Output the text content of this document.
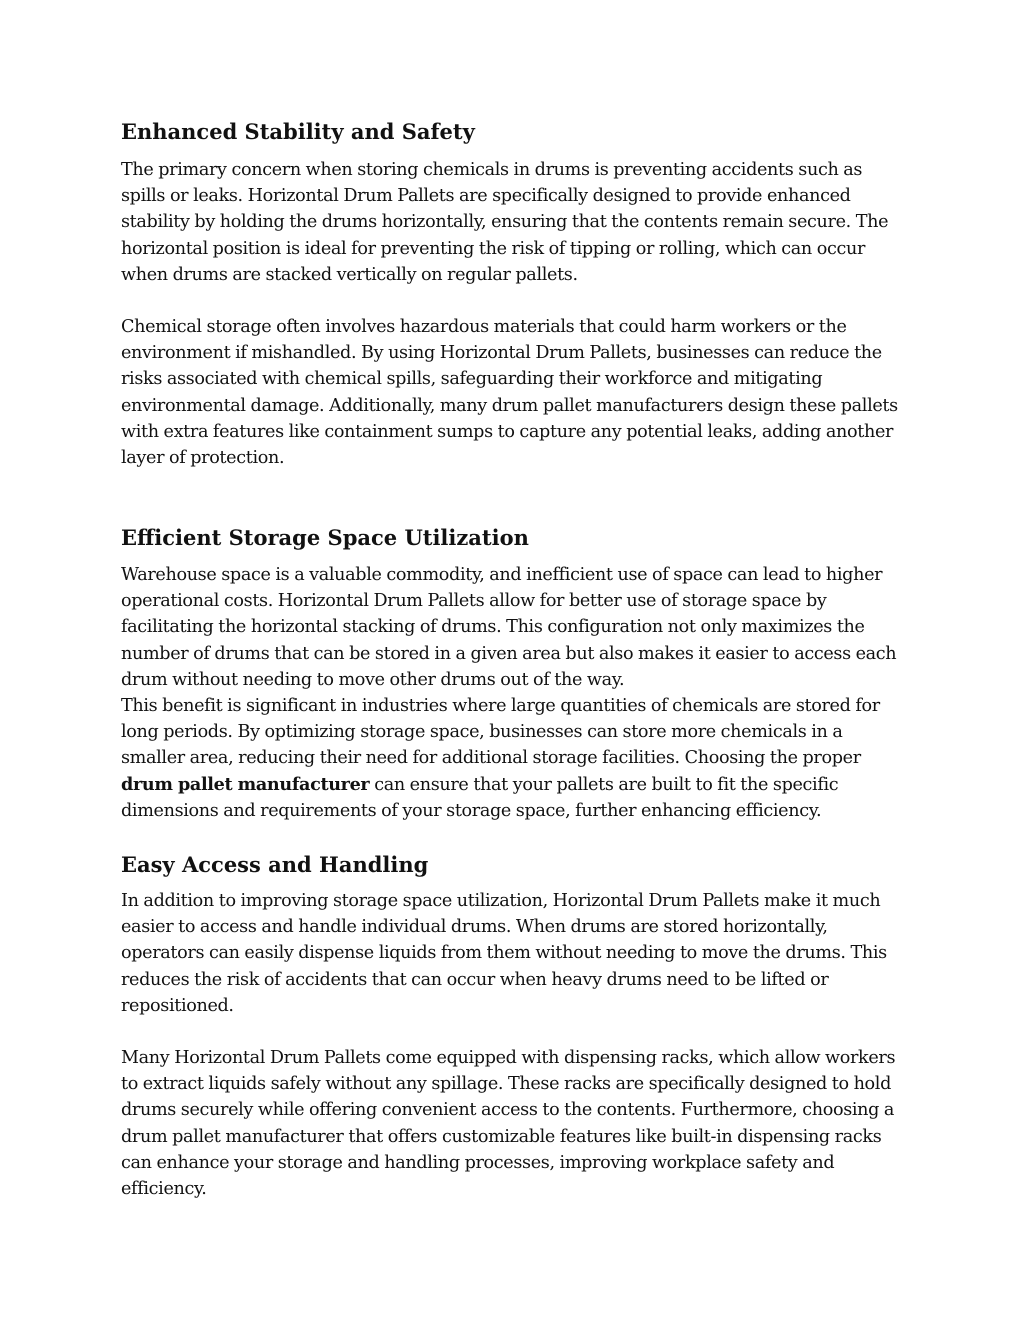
Enhanced Stability and Safety

The primary concern when storing chemicals in drums is preventing accidents such as spills or leaks. Horizontal Drum Pallets are specifically designed to provide enhanced stability by holding the drums horizontally, ensuring that the contents remain secure. The horizontal position is ideal for preventing the risk of tipping or rolling, which can occur when drums are stacked vertically on regular pallets.

Chemical storage often involves hazardous materials that could harm workers or the environment if mishandled. By using Horizontal Drum Pallets, businesses can reduce the risks associated with chemical spills, safeguarding their workforce and mitigating environmental damage. Additionally, many drum pallet manufacturers design these pallets with extra features like containment sumps to capture any potential leaks, adding another layer of protection.

Efficient Storage Space Utilization

Warehouse space is a valuable commodity, and inefficient use of space can lead to higher operational costs. Horizontal Drum Pallets allow for better use of storage space by facilitating the horizontal stacking of drums. This configuration not only maximizes the number of drums that can be stored in a given area but also makes it easier to access each drum without needing to move other drums out of the way.

This benefit is significant in industries where large quantities of chemicals are stored for long periods. By optimizing storage space, businesses can store more chemicals in a smaller area, reducing their need for additional storage facilities. Choosing the proper drum pallet manufacturer can ensure that your pallets are built to fit the specific dimensions and requirements of your storage space, further enhancing efficiency.

Easy Access and Handling

In addition to improving storage space utilization, Horizontal Drum Pallets make it much easier to access and handle individual drums. When drums are stored horizontally, operators can easily dispense liquids from them without needing to move the drums. This reduces the risk of accidents that can occur when heavy drums need to be lifted or repositioned.

Many Horizontal Drum Pallets come equipped with dispensing racks, which allow workers to extract liquids safely without any spillage. These racks are specifically designed to hold drums securely while offering convenient access to the contents. Furthermore, choosing a drum pallet manufacturer that offers customizable features like built-in dispensing racks can enhance your storage and handling processes, improving workplace safety and efficiency.
